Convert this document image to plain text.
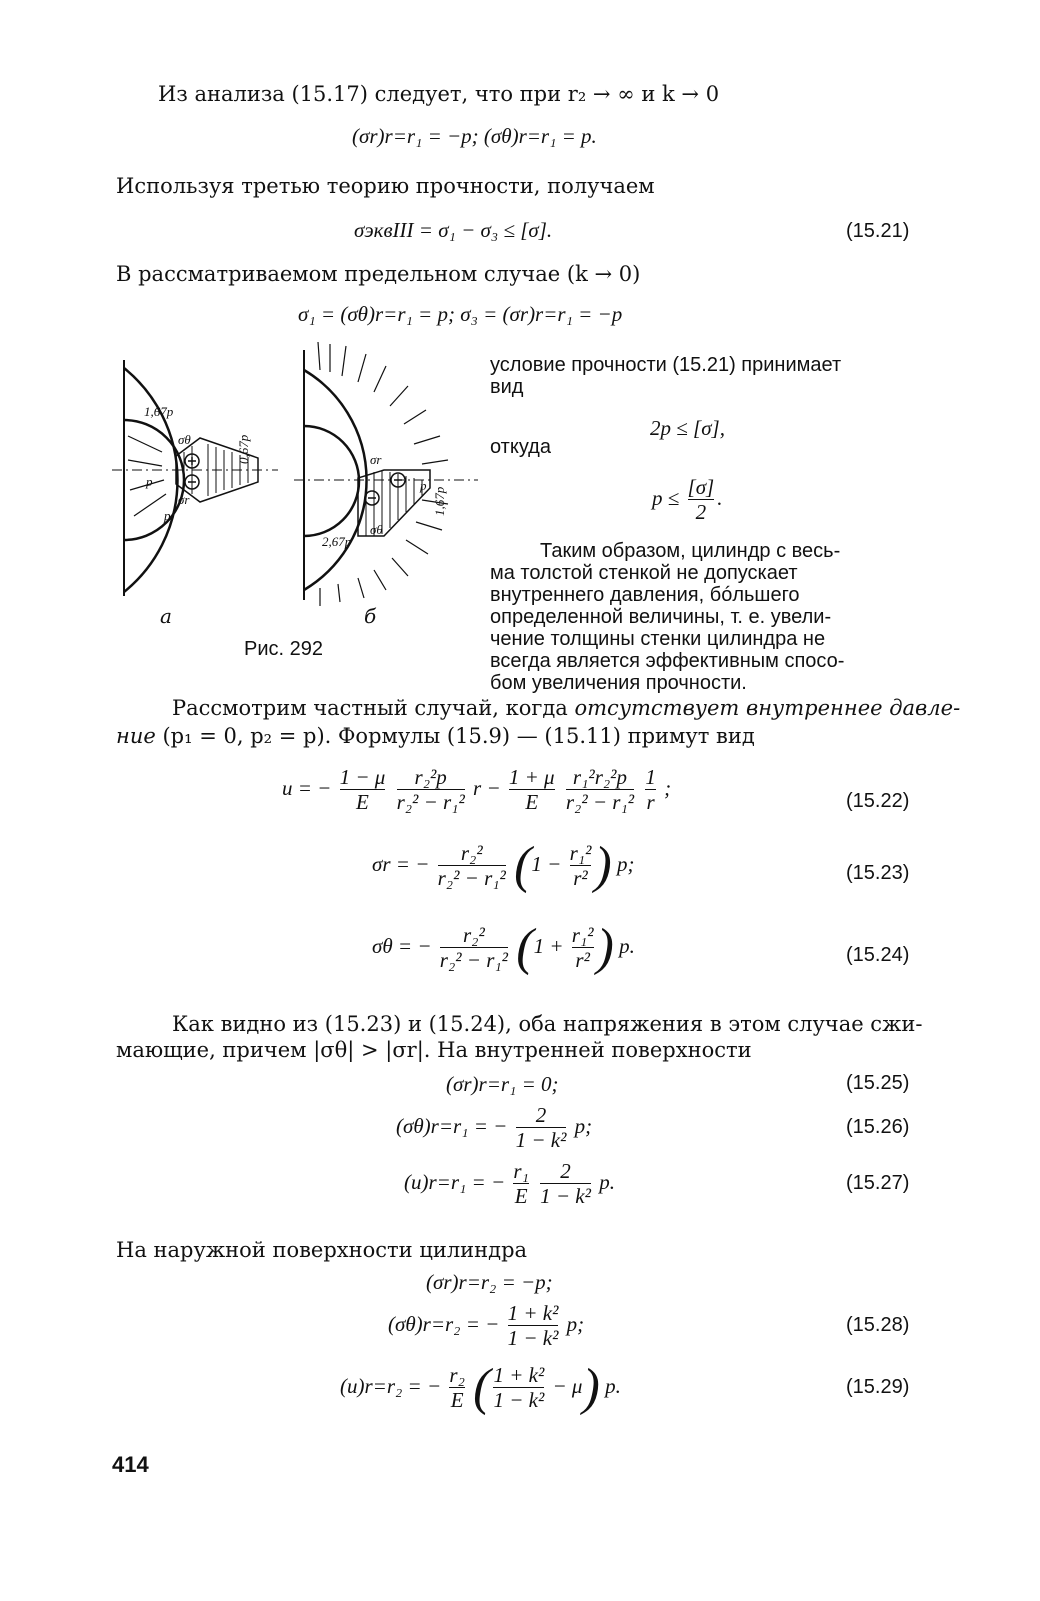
Из анализа (15.17) следует, что при r₂ → ∞ и k → 0
(σr)r=r₁ = −p; (σθ)r=r₁ = p.
Используя третью теорию прочности, получаем
σэквIII = σ₁ − σ₃ ≤ [σ].	(15.21)
В рассматриваемом предельном случае (k → 0)
σ₁ = (σθ)r=r₁ = p; σ₃ = (σr)r=r₁ = −p
1,67p
0,67p
σθ
σr
p
p
σr
σθ
2,67p
p
1,67p
а	б
Рис. 292
условие прочности (15.21) принимает
вид
2p ≤ [σ],
откуда
$p \le \frac{[\sigma]}{2}$ .
Таким образом, цилиндр с весь-
ма толстой стенкой не допускает
внутреннего давления, бóльшего
определенной величины, т. е. увели-
чение толщины стенки цилиндра не
всегда является эффективным спосо-
бом увеличения прочности.
Рассмотрим частный случай, когда отсутствует внутреннее давле-
ние (p₁ = 0, p₂ = p). Формулы (15.9) — (15.11) примут вид
u = − $\frac{1 - \mu}{E}$
$\frac{\text{r₂²p}}{\text{r₂² − r₁²}}$ $r - \frac{1 + \mu}{E}$
$\frac{\text{r₁²r₂²p}}{\text{r₂² − r₁²}}$
$\frac{1}{r}$ ;
(15.22)
σr = − $\frac{\text{r₂²}}{\text{r₂² − r₁²}} (1 - \frac{\text{r₁²}}{\text{r²}}$ ) p;	(15.23)
σθ = − $\frac{\text{r₂²}}{\text{r₂² − r₁²}} (1 + \frac{\text{r₁²}}{\text{r²}}$ ) p.	(15.24)
Как видно из (15.23) и (15.24), оба напряжения в этом случае сжи-
мающие, причем |σθ| > |σr|. На внутренней поверхности
(σr)r=r₁ = 0;	(15.25)
(σθ)r=r₁ = − $\frac{2}{\text{1 − k²}} p$;	(15.26)
(u)r=r₁ = − $\frac{\text{r₁}}{E}$
$\frac{2}{\text{1 − k²}} p$.	(15.27)
На наружной поверхности цилиндра
(σr)r=r₂ = −p;
(σθ)r=r₂ = − $\frac{\text{1 + k²}}{\text{1 − k²}} p$;	(15.28)
(u)r=r₂ = − $\frac{\text{r₂}}{E}$ ( $\frac{\text{1 + k²}}{\text{1 − k²}} - \mu$) p.	(15.29)
414
